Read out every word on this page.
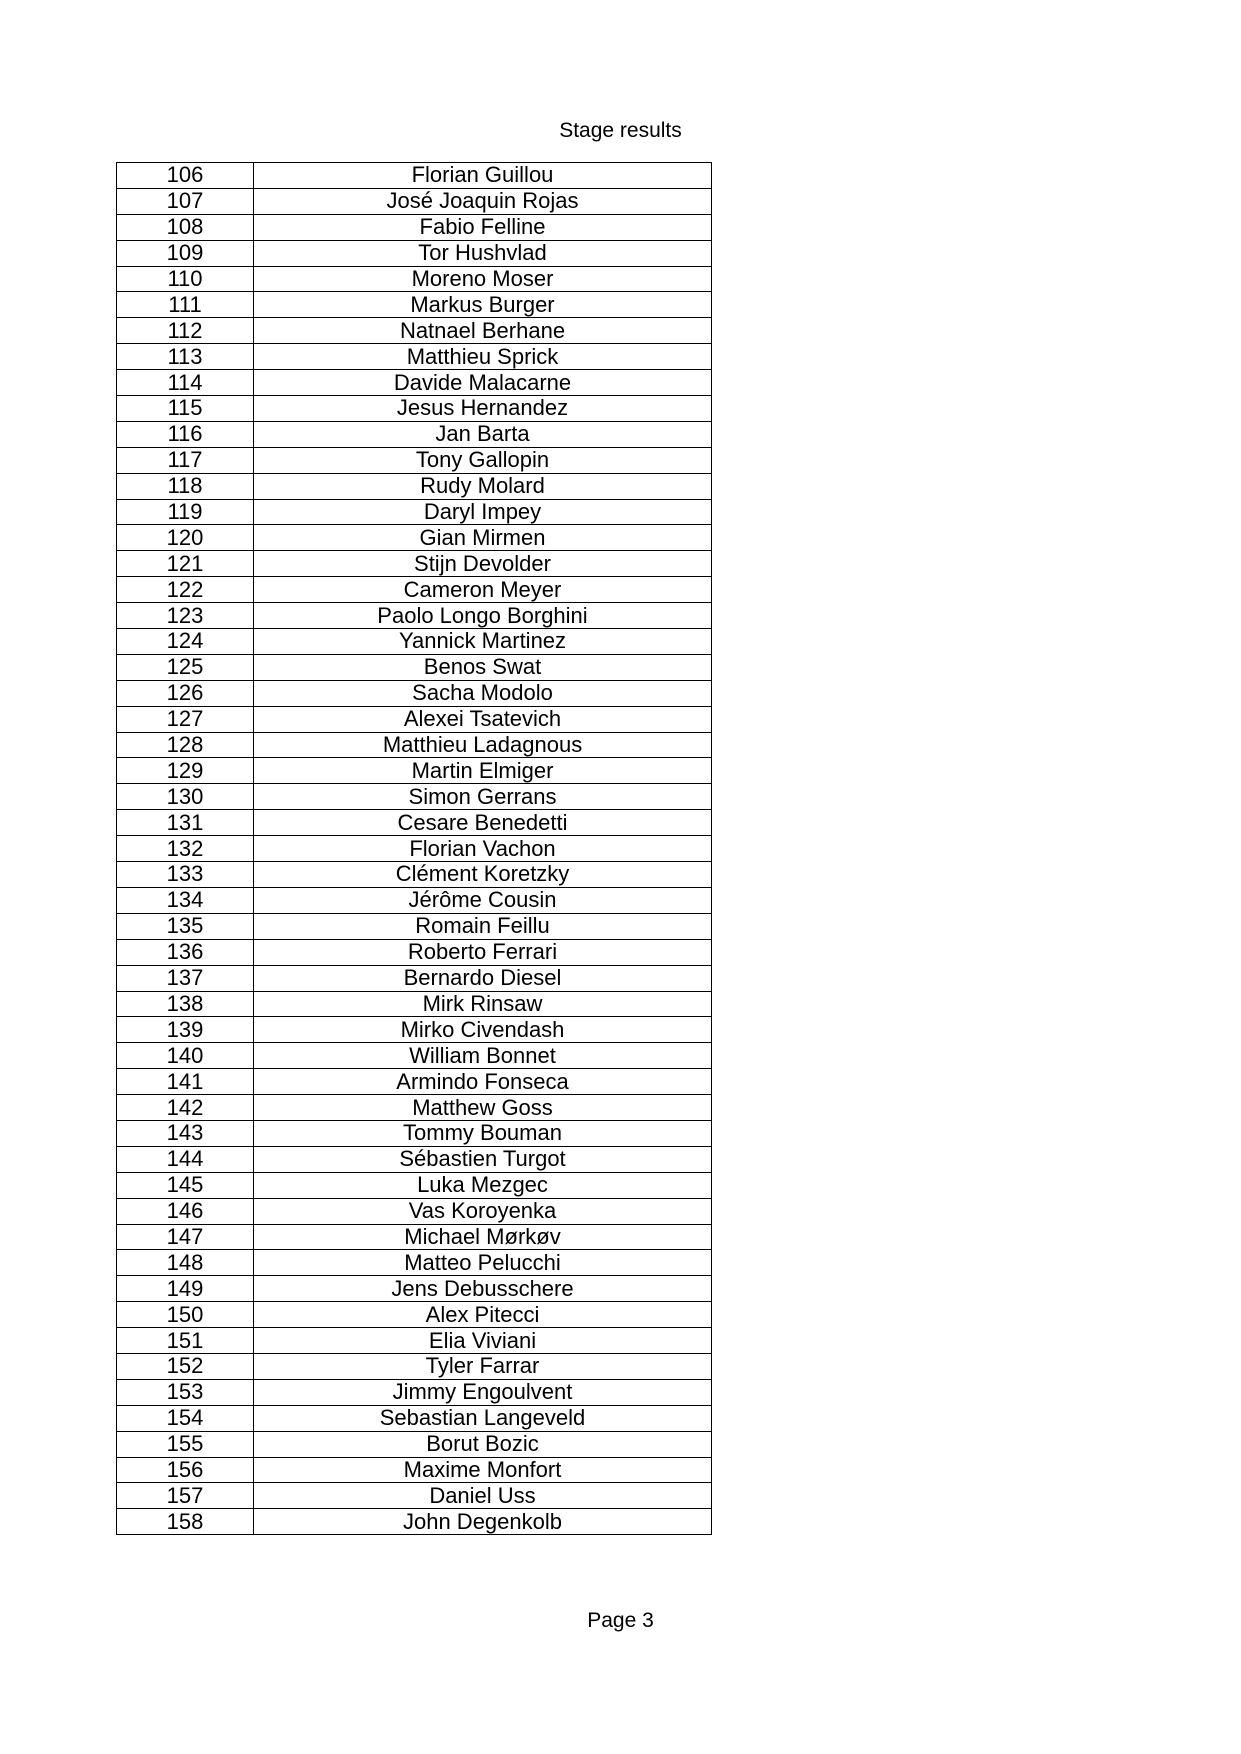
Stage results
106	Florian Guillou
107	José Joaquin Rojas
108	Fabio Felline
109	Tor Hushvlad
110	Moreno Moser
111	Markus Burger
112	Natnael Berhane
113	Matthieu Sprick
114	Davide Malacarne
115	Jesus Hernandez
116	Jan Barta
117	Tony Gallopin
118	Rudy Molard
119	Daryl Impey
120	Gian Mirmen
121	Stijn Devolder
122	Cameron Meyer
123	Paolo Longo Borghini
124	Yannick Martinez
125	Benos Swat
126	Sacha Modolo
127	Alexei Tsatevich
128	Matthieu Ladagnous
129	Martin Elmiger
130	Simon Gerrans
131	Cesare Benedetti
132	Florian Vachon
133	Clément Koretzky
134	Jérôme Cousin
135	Romain Feillu
136	Roberto Ferrari
137	Bernardo Diesel
138	Mirk Rinsaw
139	Mirko Civendash
140	William Bonnet
141	Armindo Fonseca
142	Matthew Goss
143	Tommy Bouman
144	Sébastien Turgot
145	Luka Mezgec
146	Vas Koroyenka
147	Michael Mørkøv
148	Matteo Pelucchi
149	Jens Debusschere
150	Alex Pitecci
151	Elia Viviani
152	Tyler Farrar
153	Jimmy Engoulvent
154	Sebastian Langeveld
155	Borut Bozic
156	Maxime Monfort
157	Daniel Uss
158	John Degenkolb
Page 3
